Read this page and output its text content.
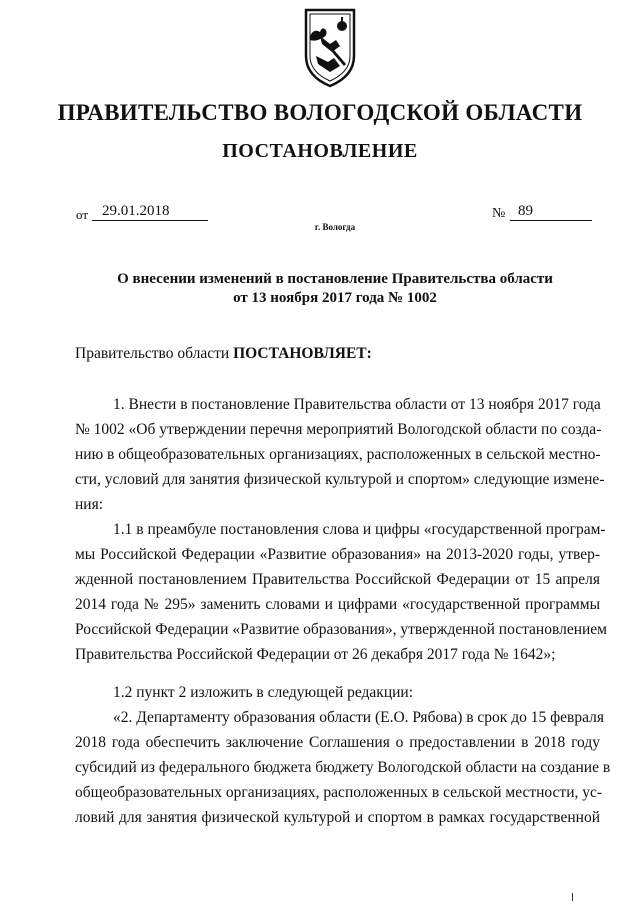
ПРАВИТЕЛЬСТВО ВОЛОГОДСКОЙ ОБЛАСТИ
ПОСТАНОВЛЕНИЕ
от 29.01.2018	№ 89
г. Вологда
О внесении изменений в постановление Правительства области
от 13 ноября 2017 года № 1002
Правительство области ПОСТАНОВЛЯЕТ:
1. Внести в постановление Правительства области от 13 ноября 2017 года
№ 1002 «Об утверждении перечня мероприятий Вологодской области по созда-
нию в общеобразовательных организациях, расположенных в сельской местно-
сти, условий для занятия физической культурой и спортом» следующие измене-
ния:
1.1 в преамбуле постановления слова и цифры «государственной програм-
мы Российской Федерации «Развитие образования» на 2013-2020 годы, утвер-
жденной постановлением Правительства Российской Федерации от 15 апреля
2014 года № 295» заменить словами и цифрами «государственной программы
Российской Федерации «Развитие образования», утвержденной постановлением
Правительства Российской Федерации от 26 декабря 2017 года № 1642»;
1.2 пункт 2 изложить в следующей редакции:
«2. Департаменту образования области (Е.О. Рябова) в срок до 15 февраля
2018 года обеспечить заключение Соглашения о предоставлении в 2018 году
субсидий из федерального бюджета бюджету Вологодской области на создание в
общеобразовательных организациях, расположенных в сельской местности, ус-
ловий для занятия физической культурой и спортом в рамках государственной
